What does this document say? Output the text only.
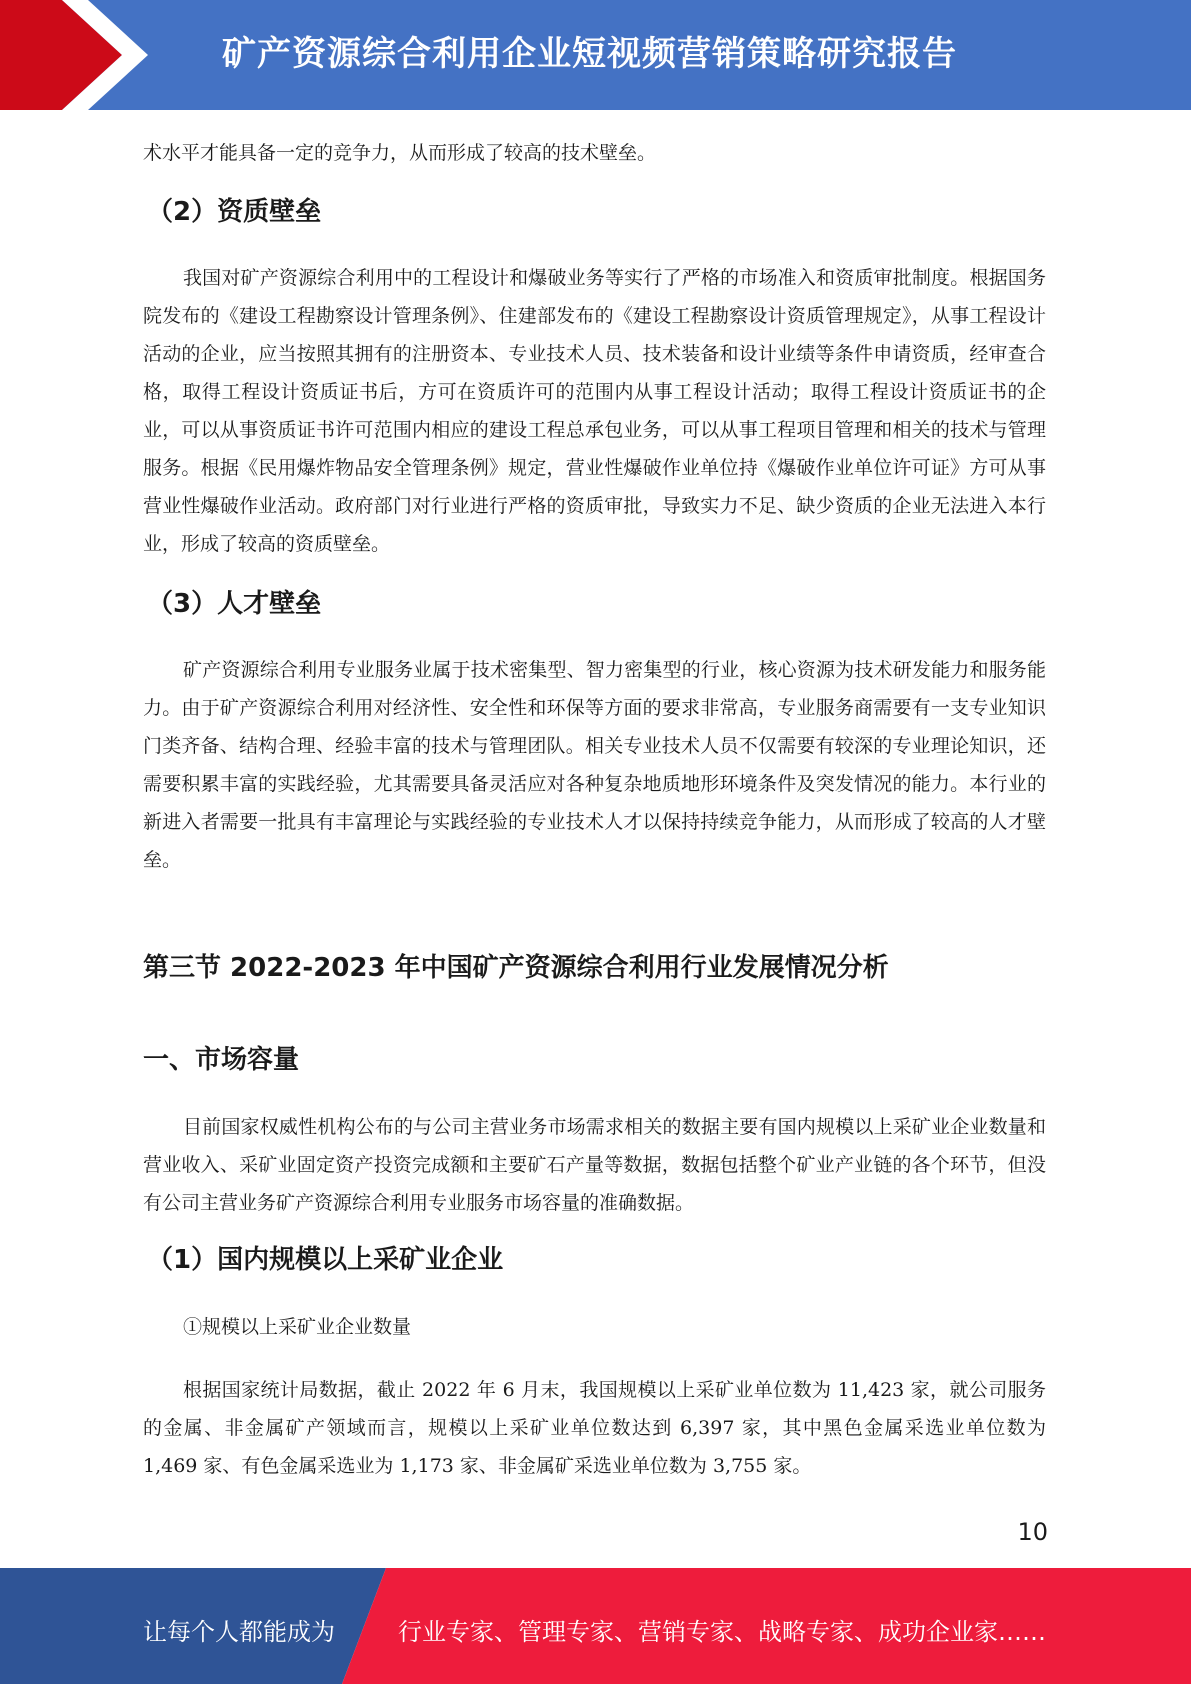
矿产资源综合利用企业短视频营销策略研究报告

术水平才能具备一定的竞争力，从而形成了较高的技术壁垒。

（2）资质壁垒

我国对矿产资源综合利用中的工程设计和爆破业务等实行了严格的市场准入和资质审批制度。根据国务院发布的《建设工程勘察设计管理条例》、住建部发布的《建设工程勘察设计资质管理规定》，从事工程设计活动的企业，应当按照其拥有的注册资本、专业技术人员、技术装备和设计业绩等条件申请资质，经审查合格，取得工程设计资质证书后，方可在资质许可的范围内从事工程设计活动；取得工程设计资质证书的企业，可以从事资质证书许可范围内相应的建设工程总承包业务，可以从事工程项目管理和相关的技术与管理服务。根据《民用爆炸物品安全管理条例》规定，营业性爆破作业单位持《爆破作业单位许可证》方可从事营业性爆破作业活动。政府部门对行业进行严格的资质审批，导致实力不足、缺少资质的企业无法进入本行业，形成了较高的资质壁垒。

（3）人才壁垒

矿产资源综合利用专业服务业属于技术密集型、智力密集型的行业，核心资源为技术研发能力和服务能力。由于矿产资源综合利用对经济性、安全性和环保等方面的要求非常高，专业服务商需要有一支专业知识门类齐备、结构合理、经验丰富的技术与管理团队。相关专业技术人员不仅需要有较深的专业理论知识，还需要积累丰富的实践经验，尤其需要具备灵活应对各种复杂地质地形环境条件及突发情况的能力。本行业的新进入者需要一批具有丰富理论与实践经验的专业技术人才以保持持续竞争能力，从而形成了较高的人才壁垒。

第三节 2022-2023 年中国矿产资源综合利用行业发展情况分析
一、市场容量

目前国家权威性机构公布的与公司主营业务市场需求相关的数据主要有国内规模以上采矿业企业数量和营业收入、采矿业固定资产投资完成额和主要矿石产量等数据，数据包括整个矿业产业链的各个环节，但没有公司主营业务矿产资源综合利用专业服务市场容量的准确数据。

（1）国内规模以上采矿业企业

①规模以上采矿业企业数量

根据国家统计局数据，截止 2022 年 6 月末，我国规模以上采矿业单位数为 11,423 家，就公司服务的金属、非金属矿产领域而言，规模以上采矿业单位数达到 6,397 家，其中黑色金属采选业单位数为 1,469 家、有色金属采选业为 1,173 家、非金属矿采选业单位数为 3,755 家。

10
让每个人都能成为	行业专家、管理专家、营销专家、战略专家、成功企业家……
